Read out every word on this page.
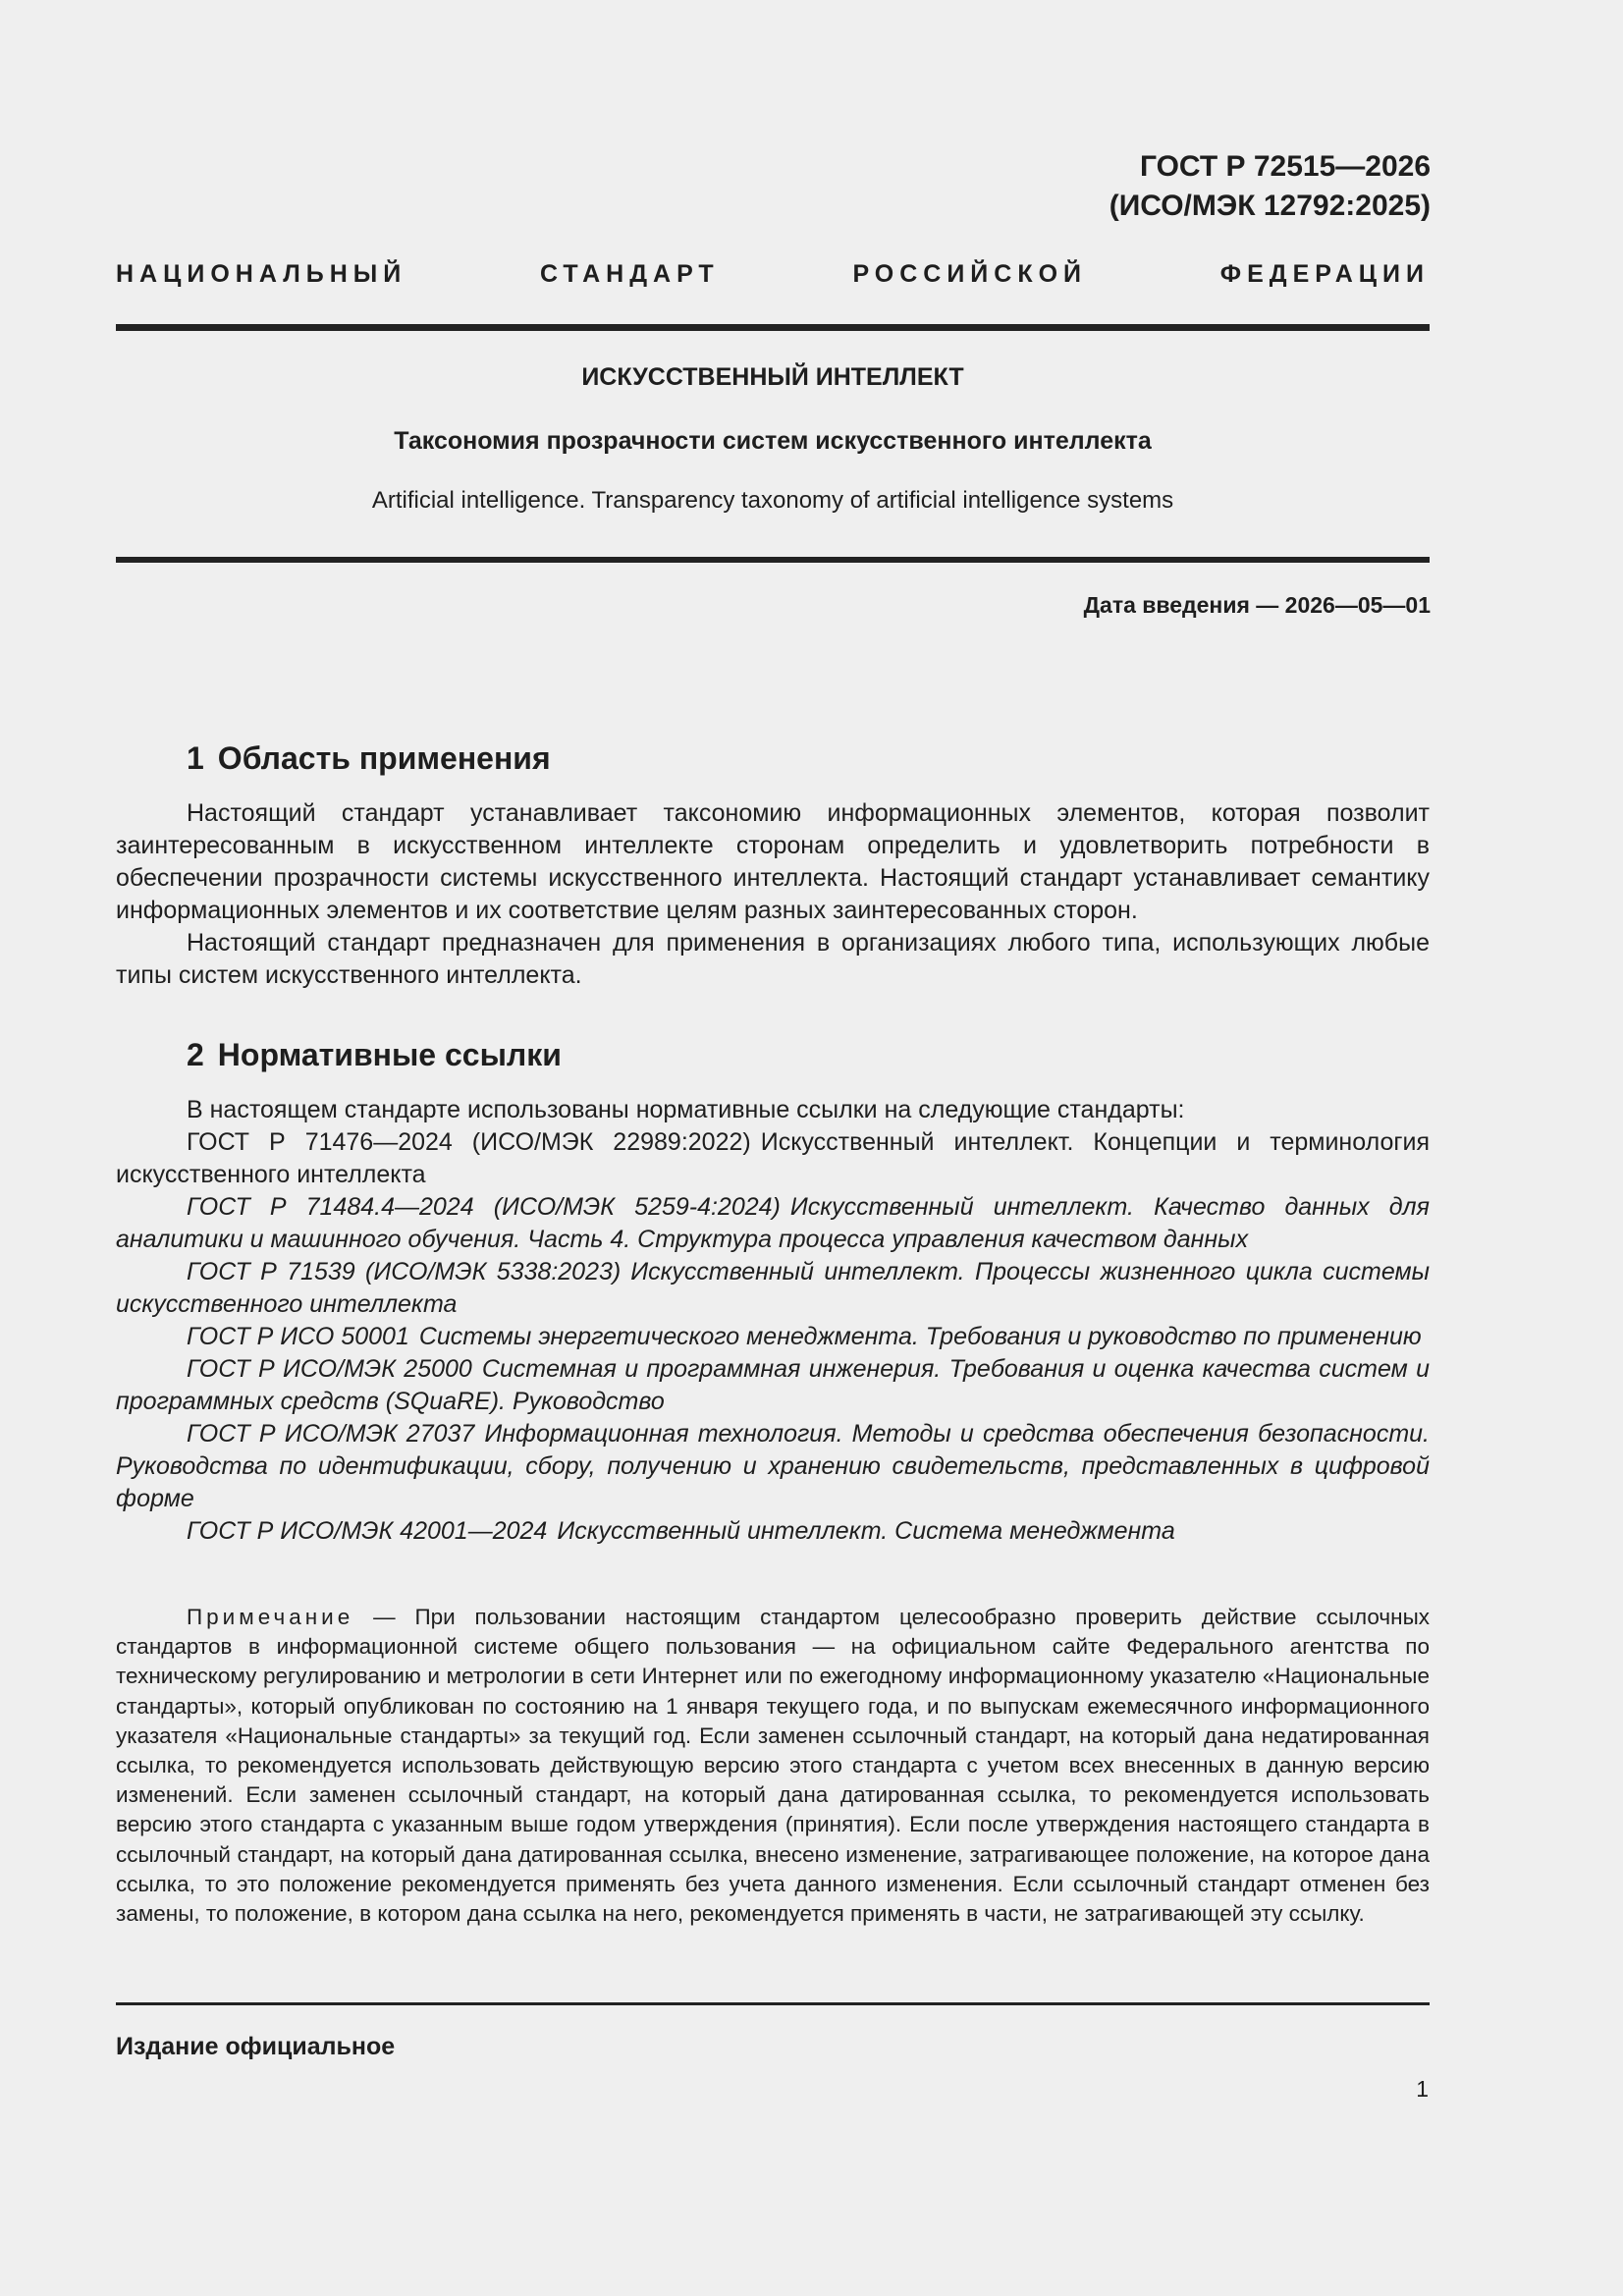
ГОСТ Р 72515—2026
(ИСО/МЭК 12792:2025)
НАЦИОНАЛЬНЫЙ СТАНДАРТ РОССИЙСКОЙ ФЕДЕРАЦИИ
ИСКУССТВЕННЫЙ ИНТЕЛЛЕКТ
Таксономия прозрачности систем искусственного интеллекта
Artificial intelligence. Transparency taxonomy of artificial intelligence systems
Дата введения — 2026—05—01
1 Область применения

Настоящий стандарт устанавливает таксономию информационных элементов, которая позволит заинтересованным в искусственном интеллекте сторонам определить и удовлетворить потребности в обеспечении прозрачности системы искусственного интеллекта. Настоящий стандарт устанавливает семантику информационных элементов и их соответствие целям разных заинтересованных сторон.

Настоящий стандарт предназначен для применения в организациях любого типа, использующих любые типы систем искусственного интеллекта.

2 Нормативные ссылки

В настоящем стандарте использованы нормативные ссылки на следующие стандарты:

ГОСТ Р 71476—2024 (ИСО/МЭК 22989:2022) Искусственный интеллект. Концепции и терминология искусственного интеллекта

ГОСТ Р 71484.4—2024 (ИСО/МЭК 5259-4:2024) Искусственный интеллект. Качество данных для аналитики и машинного обучения. Часть 4. Структура процесса управления качеством данных

ГОСТ Р 71539 (ИСО/МЭК 5338:2023) Искусственный интеллект. Процессы жизненного цикла системы искусственного интеллекта

ГОСТ Р ИСО 50001 Системы энергетического менеджмента. Требования и руководство по применению

ГОСТ Р ИСО/МЭК 25000 Системная и программная инженерия. Требования и оценка качества систем и программных средств (SQuaRE). Руководство

ГОСТ Р ИСО/МЭК 27037 Информационная технология. Методы и средства обеспечения безопасности. Руководства по идентификации, сбору, получению и хранению свидетельств, представленных в цифровой форме

ГОСТ Р ИСО/МЭК 42001—2024 Искусственный интеллект. Система менеджмента

Примечание — При пользовании настоящим стандартом целесообразно проверить действие ссылочных стандартов в информационной системе общего пользования — на официальном сайте Федерального агентства по техническому регулированию и метрологии в сети Интернет или по ежегодному информационному указателю «Национальные стандарты», который опубликован по состоянию на 1 января текущего года, и по выпускам ежемесячного информационного указателя «Национальные стандарты» за текущий год. Если заменен ссылочный стандарт, на который дана недатированная ссылка, то рекомендуется использовать действующую версию этого стандарта с учетом всех внесенных в данную версию изменений. Если заменен ссылочный стандарт, на который дана датированная ссылка, то рекомендуется использовать версию этого стандарта с указанным выше годом утверждения (принятия). Если после утверждения настоящего стандарта в ссылочный стандарт, на который дана датированная ссылка, внесено изменение, затрагивающее положение, на которое дана ссылка, то это положение рекомендуется применять без учета данного изменения. Если ссылочный стандарт отменен без замены, то положение, в котором дана ссылка на него, рекомендуется применять в части, не затрагивающей эту ссылку.

Издание официальное
1
